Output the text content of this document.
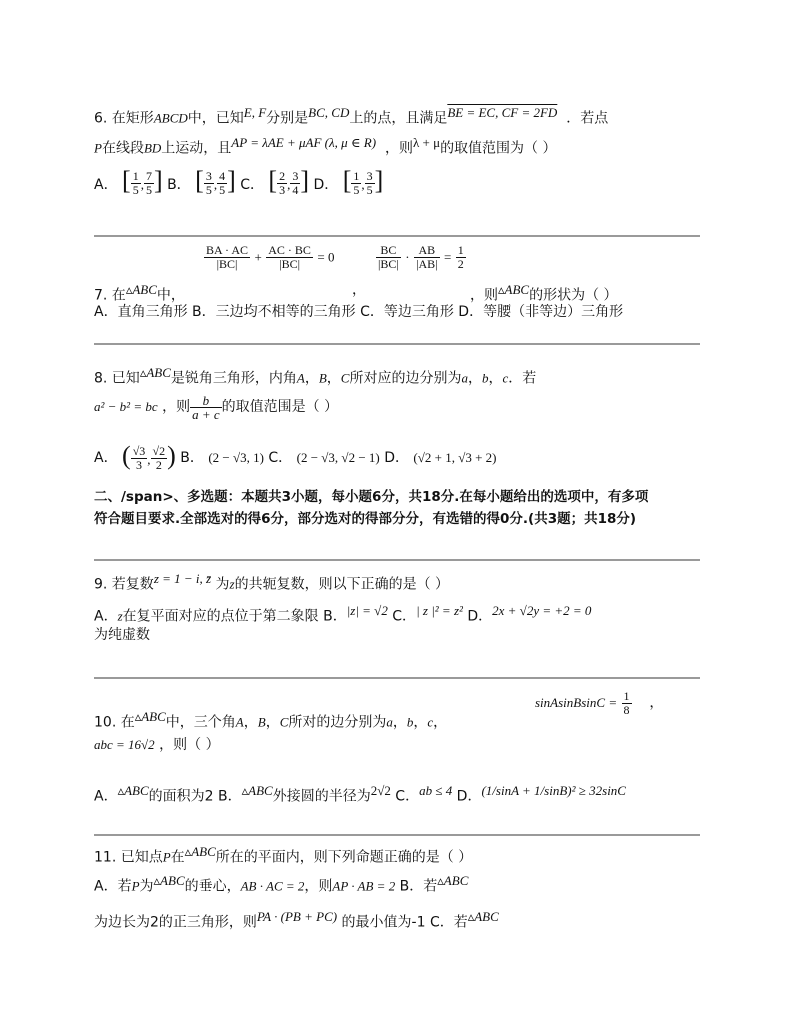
6. 在矩形ABCD中，已知$^{E, F}$分别是$^{BC, CD}$上的点，且满足$^{BE = EC, CF = 2FD}$ ．若点
P在线段BD上运动，且$^{AP = \lambda AE + \mu AF (\lambda, \mu \in R)}$ ，则$^{\lambda + \mu}$的取值范围为（ ）
A． [ $\frac{1}{5}$ , $\frac{7}{5}$ ] B． [ $\frac{3}{5}$ , $\frac{4}{5}$ ] C． [ $\frac{2}{3}$ , $\frac{3}{4}$ ] D． [ $\frac{1}{5}$ , $\frac{3}{5}$ ]
$\frac{BA \cdot AC}{|BC|} + \frac{AC \cdot BC}{|BC|} = 0$	$\frac{BC}{|BC|} \cdot \frac{AB}{|AB|} = \frac{1}{2}$
7. 在$^{▵ABC}$中，	，	，则$^{▵ABC}$的形状为（ ）
A．直角三角形 B．三边均不相等的三角形 C．等边三角形 D．等腰（非等边）三角形
8. 已知$^{▵ABC}$是锐角三角形，内角A，B，C所对应的边分别为a，b，c．若
a² − b² = bc ，则 $\frac{b}{a + c}$ 的取值范围是（ ）
A． ( $\frac{√3}{3}$ , $\frac{√2}{2}$ ) B． (2 − √3, 1) C． (2 − √3, √2 − 1) D． (√2 + 1, √3 + 2)
二、/span>、多选题：本题共3小题，每小题6分，共18分.在每小题给出的选项中，有多项
符合题目要求.全部选对的得6分，部分选对的得部分分，有选错的得0分.(共3题；共18分)
9. 若复数$^{z = 1 - i, z̄}$ 为z的共轭复数，则以下正确的是（ ）
A．z在复平面对应的点位于第二象限 B．$^{|z| = √2}$ C．$^{| z |^2 = z^2}$ D．$^{2x + √2y = +2 = 0}$
为纯虚数
sinAsinBsinC = $\frac{1}{8}$ ，
10. 在$^{▵ABC}$中，三个角A，B，C所对的边分别为a，b，c，
abc = 16√2 ，则（ ）
A．$^{▵ABC}$的面积为2 B．$^{▵ABC}$外接圆的半径为$^{2√2}$ C．$^{ab \le 4}$ D．$^{(1/sinA + 1/sinB)^2 \ge 32sinC}$
11. 已知点P在$^{▵ABC}$所在的平面内，则下列命题正确的是（ ）
A．若P为$^{▵ABC}$的垂心，AB · AC = 2，则AP · AB = 2 B．若$^{▵ABC}$
为边长为2的正三角形，则$^{PA \cdot (PB + PC)}$ 的最小值为-1 C．若$^{▵ABC}$
